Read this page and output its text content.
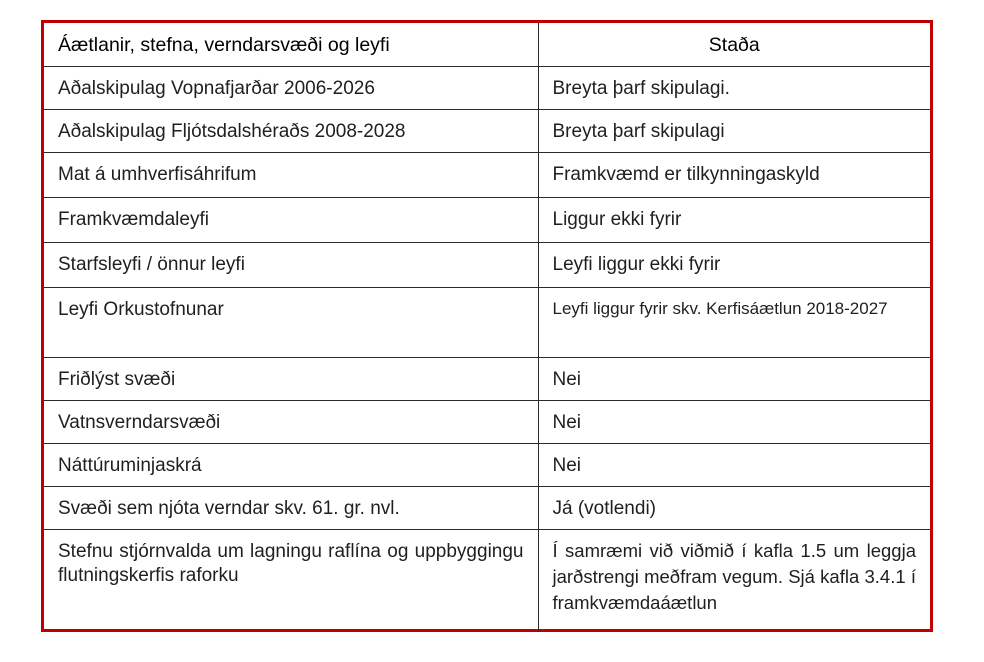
Áætlanir, stefna, verndarsvæði og leyfi	Staða
Aðalskipulag Vopnafjarðar 2006-2026	Breyta þarf skipulagi.
Aðalskipulag Fljótsdalshéraðs 2008-2028	Breyta þarf skipulagi
Mat á umhverfisáhrifum	Framkvæmd er tilkynningaskyld
Framkvæmdaleyfi	Liggur ekki fyrir
Starfsleyfi / önnur leyfi	Leyfi liggur ekki fyrir
Leyfi Orkustofnunar	Leyfi liggur fyrir skv. Kerfisáætlun 2018-2027
Friðlýst svæði	Nei
Vatnsverndarsvæði	Nei
Náttúruminjaskrá	Nei
Svæði sem njóta verndar skv. 61. gr. nvl.	Já (votlendi)
Stefnu stjórnvalda um lagningu raflína og uppbyggingu flutningskerfis raforku	Í samræmi við viðmið í kafla 1.5 um leggja jarðstrengi meðfram vegum. Sjá kafla 3.4.1 í framkvæmdaáætlun
